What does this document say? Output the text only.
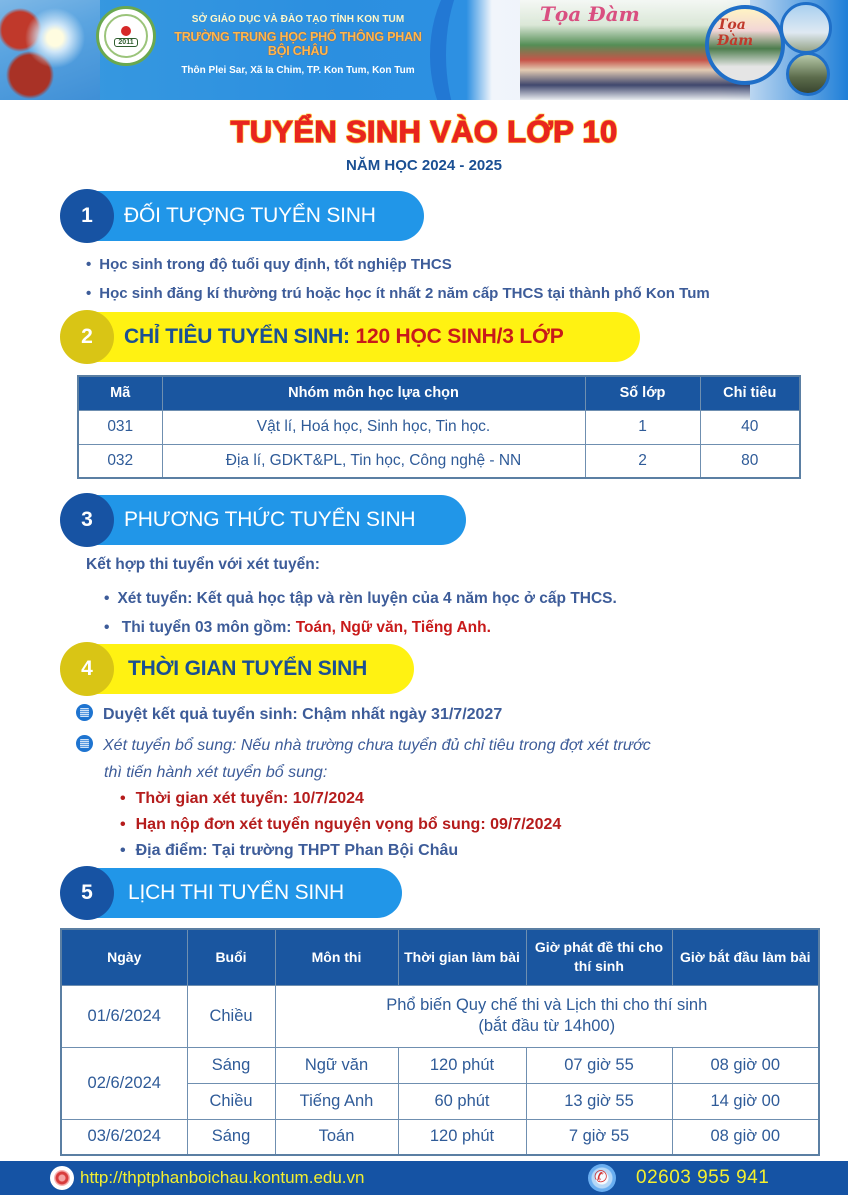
2011
SỞ GIÁO DỤC VÀ ĐÀO TẠO TỈNH KON TUM
TRƯỜNG TRUNG HỌC PHỔ THÔNG PHAN BỘI CHÂU
Thôn Plei Sar, Xã Ia Chim, TP. Kon Tum, Kon Tum
Tọa Đàm	Tọa Đàm
TUYỂN SINH VÀO LỚP 10
NĂM HỌC 2024 - 2025
1	ĐỐI TƯỢNG TUYỂN SINH
• Học sinh trong độ tuổi quy định, tốt nghiệp THCS
• Học sinh đăng kí thường trú hoặc học ít nhất 2 năm cấp THCS tại thành phố Kon Tum
2	CHỈ TIÊU TUYỂN SINH: 120 HỌC SINH/3 LỚP
Mã	Nhóm môn học lựa chọn	Số lớp	Chỉ tiêu
031	Vật lí, Hoá học, Sinh học, Tin học.	1	40
032	Địa lí, GDKT&PL, Tin học, Công nghệ - NN	2	80
3	PHƯƠNG THỨC TUYỂN SINH
Kết hợp thi tuyển với xét tuyển:
• Xét tuyển: Kết quả học tập và rèn luyện của 4 năm học ở cấp THCS.
• Thi tuyển 03 môn gồm: Toán, Ngữ văn, Tiếng Anh.
4	THỜI GIAN TUYỂN SINH
Duyệt kết quả tuyển sinh: Chậm nhất ngày 31/7/2027
Xét tuyển bổ sung: Nếu nhà trường chưa tuyển đủ chỉ tiêu trong đợt xét trước
thì tiến hành xét tuyển bổ sung:
• Thời gian xét tuyển: 10/7/2024
• Hạn nộp đơn xét tuyển nguyện vọng bổ sung: 09/7/2024
• Địa điểm: Tại trường THPT Phan Bội Châu
5	LỊCH THI TUYỂN SINH
Ngày	Buổi	Môn thi	Thời gian làm bài	Giờ phát đề thi cho thí sinh	Giờ bắt đầu làm bài
01/6/2024	Chiều	Phổ biến Quy chế thi và Lịch thi cho thí sinh
(bắt đầu từ 14h00)			

02/6/2024	Sáng	Ngữ văn	120 phút	07 giờ 55	08 giờ 00
	Chiều	Tiếng Anh	60 phút	13 giờ 55	14 giờ 00
03/6/2024	Sáng	Toán	120 phút	7 giờ 55	08 giờ 00
http://thptphanboichau.kontum.edu.vn ✆	02603 955 941
